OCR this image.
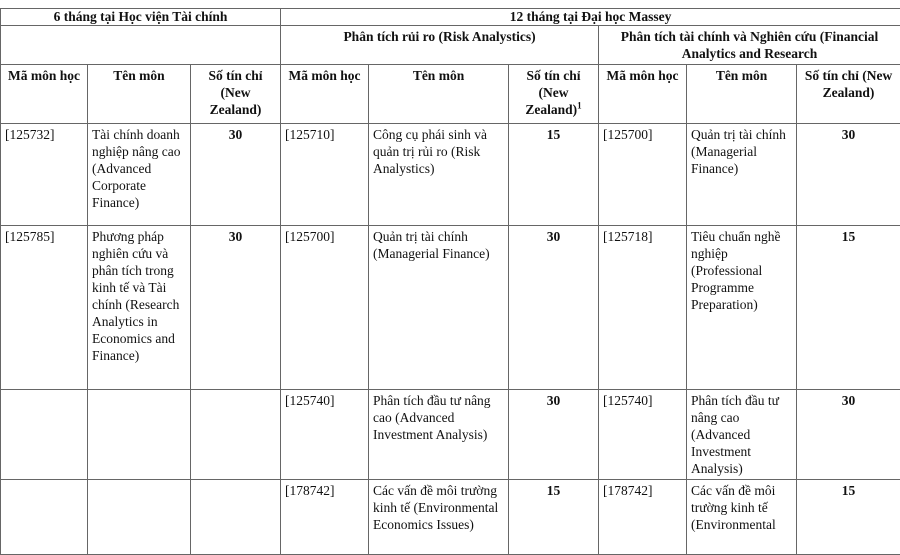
6 tháng tại Học viện Tài chính			12 tháng tại Đại học Massey					
			Phân tích rủi ro (Risk Analystics)			Phân tích tài chính và Nghiên cứu (Financial Analytics and Research		
Mã môn học	Tên môn	Số tín chỉ (New Zealand)	Mã môn học	Tên môn	Số tín chỉ (New Zealand)$^1$	Mã môn học	Tên môn	Số tín chỉ (New Zealand)
[125732]	Tài chính doanh nghiệp nâng cao (Advanced Corporate Finance)	30	[125710]	Công cụ phái sinh và quản trị rủi ro (Risk Analystics)	15	[125700]	Quản trị tài chính (Managerial Finance)	30
[125785]	Phương pháp nghiên cứu và phân tích trong kinh tế và Tài chính (Research Analytics in Economics and Finance)	30	[125700]	Quản trị tài chính (Managerial Finance)	30	[125718]	Tiêu chuẩn nghề nghiệp (Professional Programme Preparation)	15
			[125740]	Phân tích đầu tư nâng cao (Advanced Investment Analysis)	30	[125740]	Phân tích đầu tư nâng cao (Advanced Investment Analysis)	30
			[178742]	Các vấn đề môi trường kinh tế (Environmental Economics Issues)	15	[178742]	Các vấn đề môi trường kinh tế (Environmental	15
